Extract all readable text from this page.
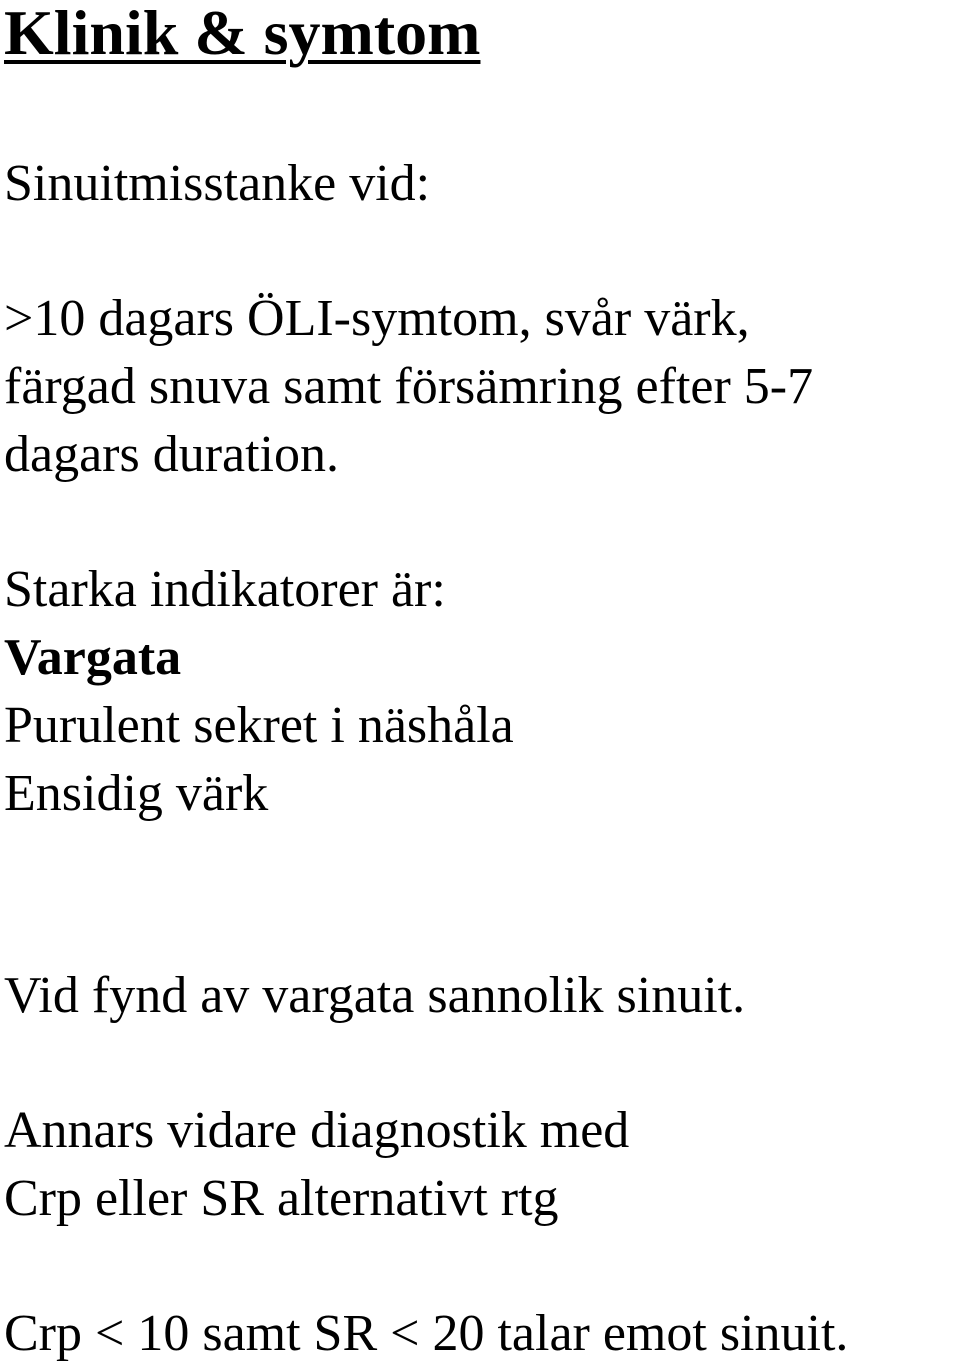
Klinik & symtom

Sinuitmisstanke vid:

>10 dagars ÖLI-symtom, svår värk,

färgad snuva samt försämring efter 5-7

dagars duration.

Starka indikatorer är:

Vargata

Purulent sekret i näshåla

Ensidig värk

Vid fynd av vargata sannolik sinuit.

Annars vidare diagnostik med

Crp eller SR alternativt rtg

Crp < 10 samt SR < 20 talar emot sinuit.
